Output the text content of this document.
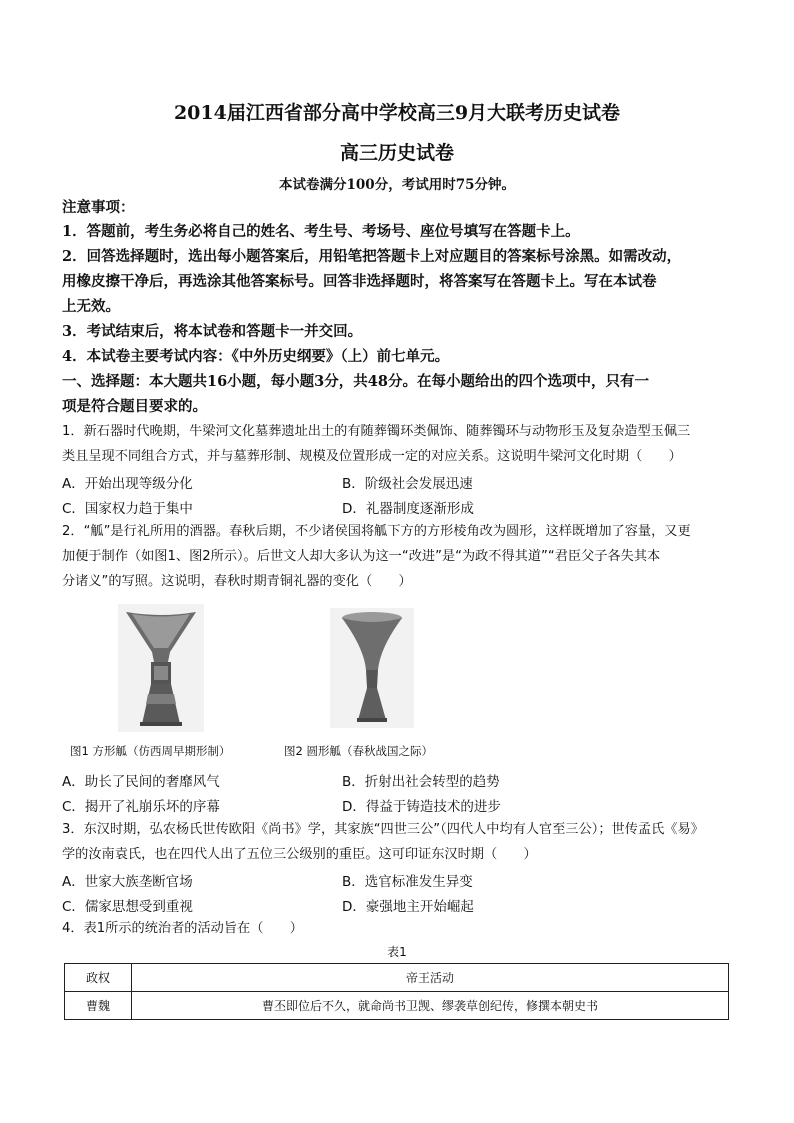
2014届江西省部分高中学校高三9月大联考历史试卷
高三历史试卷
本试卷满分100分，考试用时75分钟。
注意事项：
1．答题前，考生务必将自己的姓名、考生号、考场号、座位号填写在答题卡上。
2．回答选择题时，选出每小题答案后，用铅笔把答题卡上对应题目的答案标号涂黑。如需改动，
用橡皮擦干净后，再选涂其他答案标号。回答非选择题时，将答案写在答题卡上。写在本试卷
上无效。
3．考试结束后，将本试卷和答题卡一并交回。
4．本试卷主要考试内容：《中外历史纲要》（上）前七单元。
一、选择题：本大题共16小题，每小题3分，共48分。在每小题给出的四个选项中，只有一
项是符合题目要求的。
1．新石器时代晚期，牛梁河文化墓葬遗址出土的有随葬镯环类佩饰、随葬镯环与动物形玉及复杂造型玉佩三
类且呈现不同组合方式，并与墓葬形制、规模及位置形成一定的对应关系。这说明牛梁河文化时期（　　）
A．开始出现等级分化	B．阶级社会发展迅速
C．国家权力趋于集中	D．礼器制度逐渐形成
2．“觚”是行礼所用的酒器。春秋后期，不少诸侯国将觚下方的方形棱角改为圆形，这样既增加了容量，又更
加便于制作（如图1、图2所示）。后世文人却大多认为这一“改进”是“为政不得其道”“君臣父子各失其本
分诸义”的写照。这说明，春秋时期青铜礼器的变化（　　）
图1 方形觚（仿西周早期形制）	图2 圆形觚（春秋战国之际）
A．助长了民间的奢靡风气	B．折射出社会转型的趋势
C．揭开了礼崩乐坏的序幕	D．得益于铸造技术的进步
3．东汉时期，弘农杨氏世传欧阳《尚书》学，其家族“四世三公”（四代人中均有人官至三公）；世传孟氏《易》
学的汝南袁氏，也在四代人出了五位三公级别的重臣。这可印证东汉时期（　　）
A．世家大族垄断官场	B．选官标准发生异变
C．儒家思想受到重视	D．豪强地主开始崛起
4．表1所示的统治者的活动旨在（　　）
表1
政权	帝王活动
曹魏	曹丕即位后不久，就命尚书卫觊、缪袭草创纪传，修撰本朝史书
